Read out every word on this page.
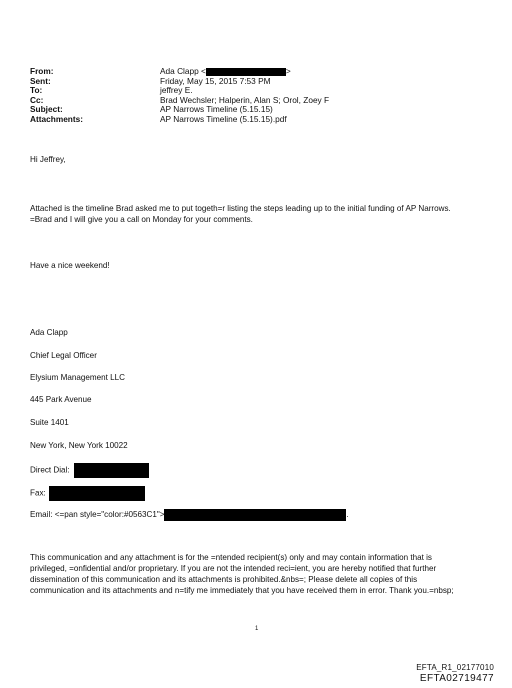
From:	Ada Clapp <	>
Sent:	Friday, May 15, 2015 7:53 PM
To:	jeffrey E.
Cc:	Brad Wechsler; Halperin, Alan S; Orol, Zoey F
Subject:	AP Narrows Timeline (5.15.15)
Attachments:	AP Narrows Timeline (5.15.15).pdf
Hi Jeffrey,
Attached is the timeline Brad asked me to put togeth=r listing the steps leading up to the initial funding of AP Narrows.
=Brad and I will give you a call on Monday for your comments.
Have a nice weekend!
Ada Clapp
Chief Legal Officer
Elysium Management LLC
445 Park Avenue
Suite 1401
New York, New York 10022
Direct Dial:
Fax:
Email: <=pan style="color:#0563C1">	.
This communication and any attachment is for the =ntended recipient(s) only and may contain information that is
privileged, =onfidential and/or proprietary. If you are not the intended reci=ient, you are hereby notified that further
dissemination of this communication and its attachments is prohibited.&nbs=; Please delete all copies of this
communication and its attachments and n=tify me immediately that you have received them in error. Thank you.=nbsp;
1
EFTA_R1_02177010
EFTA02719477
